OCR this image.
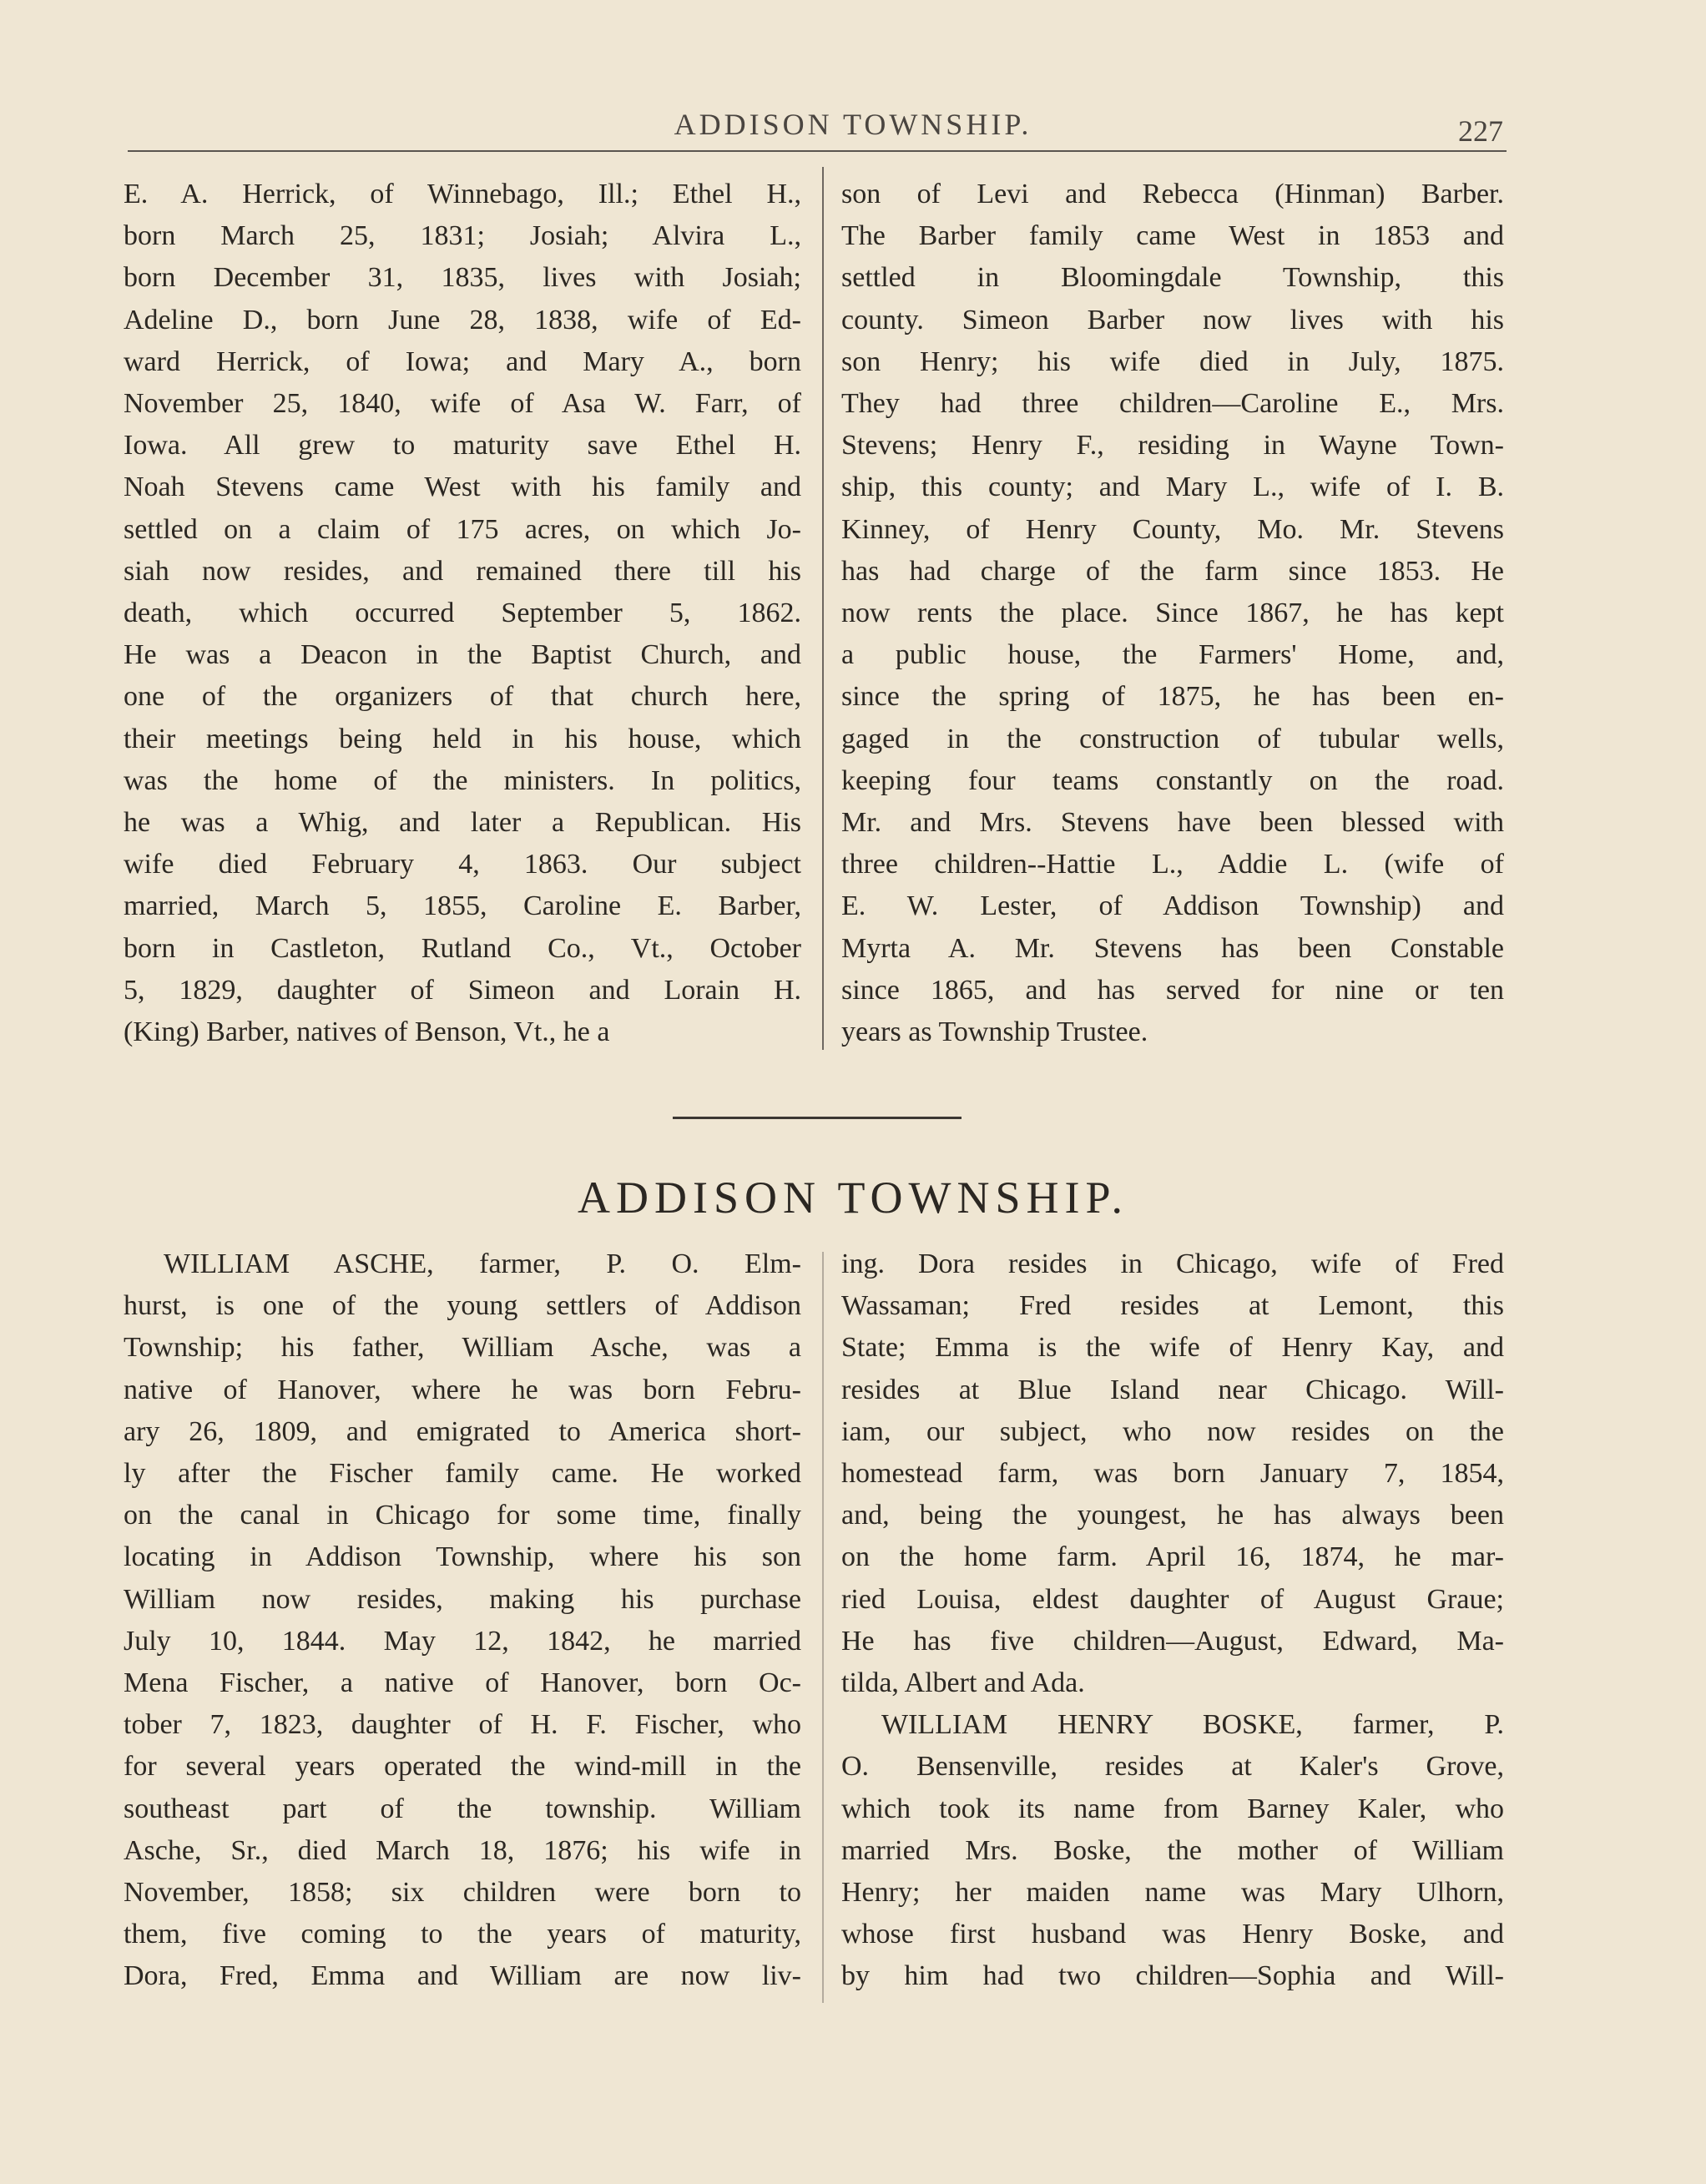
ADDISON TOWNSHIP.	227
E. A. Herrick, of Winnebago, Ill.; Ethel H.,
born March 25, 1831; Josiah; Alvira L.,
born December 31, 1835, lives with Josiah;
Adeline D., born June 28, 1838, wife of Ed-
ward Herrick, of Iowa; and Mary A., born
November 25, 1840, wife of Asa W. Farr, of
Iowa. All grew to maturity save Ethel H.
Noah Stevens came West with his family and
settled on a claim of 175 acres, on which Jo-
siah now resides, and remained there till his
death, which occurred September 5, 1862.
He was a Deacon in the Baptist Church, and
one of the organizers of that church here,
their meetings being held in his house, which
was the home of the ministers. In politics,
he was a Whig, and later a Republican. His
wife died February 4, 1863. Our subject
married, March 5, 1855, Caroline E. Barber,
born in Castleton, Rutland Co., Vt., October
5, 1829, daughter of Simeon and Lorain H.
(King) Barber, natives of Benson, Vt., he a
son of Levi and Rebecca (Hinman) Barber.
The Barber family came West in 1853 and
settled in Bloomingdale Township, this
county. Simeon Barber now lives with his
son Henry; his wife died in July, 1875.
They had three children—Caroline E., Mrs.
Stevens; Henry F., residing in Wayne Town-
ship, this county; and Mary L., wife of I. B.
Kinney, of Henry County, Mo. Mr. Stevens
has had charge of the farm since 1853. He
now rents the place. Since 1867, he has kept
a public house, the Farmers' Home, and,
since the spring of 1875, he has been en-
gaged in the construction of tubular wells,
keeping four teams constantly on the road.
Mr. and Mrs. Stevens have been blessed with
three children--Hattie L., Addie L. (wife of
E. W. Lester, of Addison Township) and
Myrta A. Mr. Stevens has been Constable
since 1865, and has served for nine or ten
years as Township Trustee.
ADDISON TOWNSHIP.
WILLIAM ASCHE, farmer, P. O. Elm-
hurst, is one of the young settlers of Addison
Township; his father, William Asche, was a
native of Hanover, where he was born Febru-
ary 26, 1809, and emigrated to America short-
ly after the Fischer family came. He worked
on the canal in Chicago for some time, finally
locating in Addison Township, where his son
William now resides, making his purchase
July 10, 1844. May 12, 1842, he married
Mena Fischer, a native of Hanover, born Oc-
tober 7, 1823, daughter of H. F. Fischer, who
for several years operated the wind-mill in the
southeast part of the township. William
Asche, Sr., died March 18, 1876; his wife in
November, 1858; six children were born to
them, five coming to the years of maturity,
Dora, Fred, Emma and William are now liv-
ing. Dora resides in Chicago, wife of Fred
Wassaman; Fred resides at Lemont, this
State; Emma is the wife of Henry Kay, and
resides at Blue Island near Chicago. Will-
iam, our subject, who now resides on the
homestead farm, was born January 7, 1854,
and, being the youngest, he has always been
on the home farm. April 16, 1874, he mar-
ried Louisa, eldest daughter of August Graue;
He has five children—August, Edward, Ma-
tilda, Albert and Ada.
WILLIAM HENRY BOSKE, farmer, P.
O. Bensenville, resides at Kaler's Grove,
which took its name from Barney Kaler, who
married Mrs. Boske, the mother of William
Henry; her maiden name was Mary Ulhorn,
whose first husband was Henry Boske, and
by him had two children—Sophia and Will-
